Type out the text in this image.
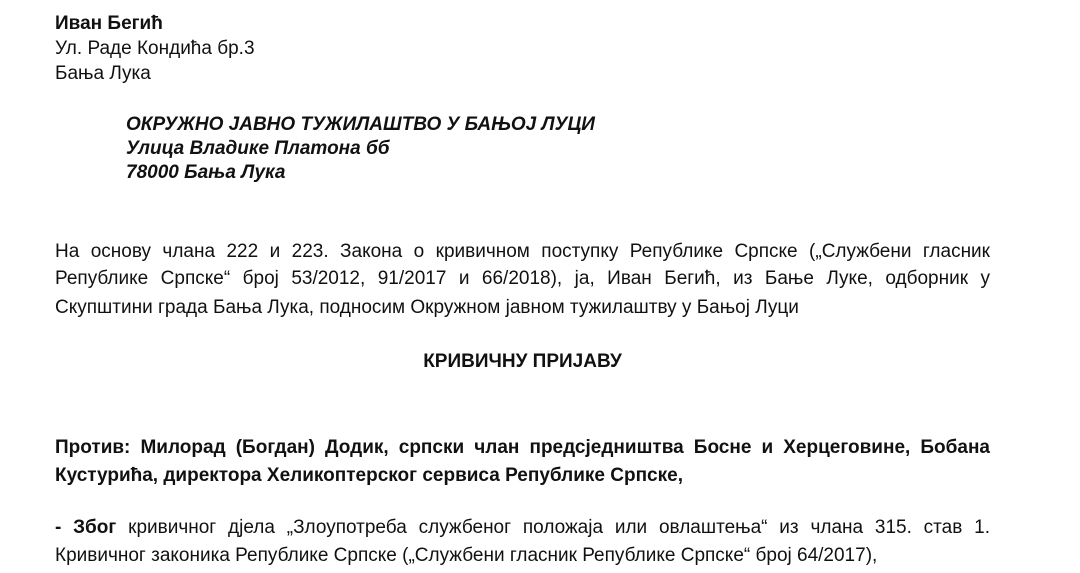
Иван Бегић
Ул. Раде Кондића бр.3
Бања Лука
ОКРУЖНО ЈАВНО ТУЖИЛАШТВО У БАЊОЈ ЛУЦИ
Улица Владике Платона бб
78000 Бања Лука
На основу члана 222 и 223. Закона о кривичном поступку Републике Српске („Службени гласник
Републике Српске“ број 53/2012, 91/2017 и 66/2018), ја, Иван Бегић, из Бање Луке, одборник у
Скупштини града Бања Лука, подносим Окружном јавном тужилаштву у Бањој Луци
КРИВИЧНУ ПРИЈАВУ
Против: Милорад (Богдан) Додик, српски члан предсједништва Босне и Херцеговине, Бобана
Кустурића, директора Хеликоптерског сервиса Републике Српске,
- Због кривичног дјела „Злоупотреба службеног положаја или овлаштења“ из члана 315. став 1.
Кривичног законика Републике Српске („Службени гласник Републике Српске“ број 64/2017),
